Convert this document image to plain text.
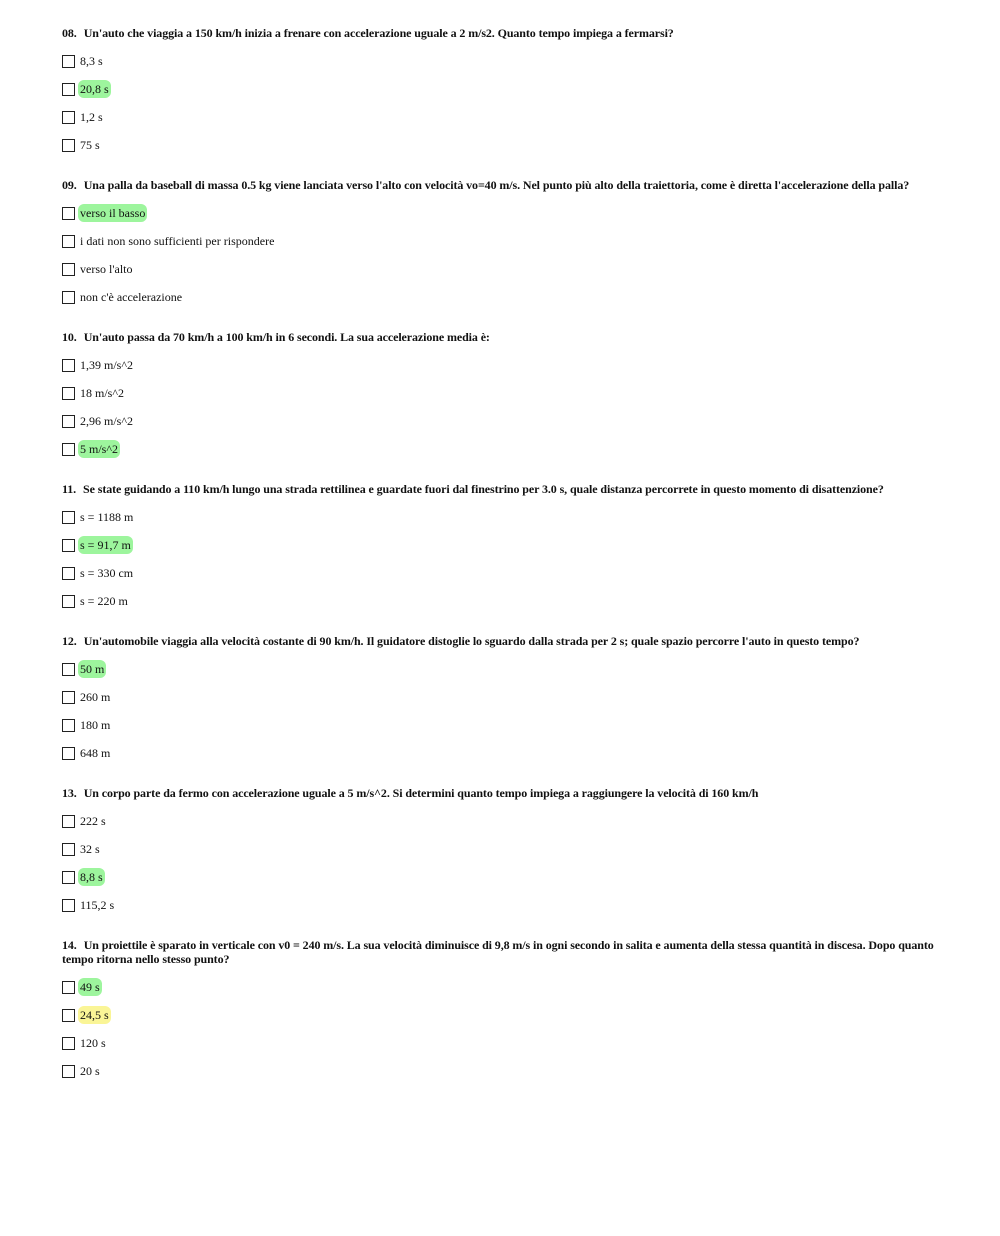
08. Un'auto che viaggia a 150 km/h inizia a frenare con accelerazione uguale a 2 m/s2. Quanto tempo impiega a fermarsi?

8,3 s
20,8 s
1,2 s
75 s

09. Una palla da baseball di massa 0.5 kg viene lanciata verso l'alto con velocità vo=40 m/s. Nel punto più alto della traiettoria, come è diretta l'accelerazione della palla?

verso il basso
i dati non sono sufficienti per rispondere
verso l'alto
non c'è accelerazione

10. Un'auto passa da 70 km/h a 100 km/h in 6 secondi. La sua accelerazione media è:

1,39 m/s^2
18 m/s^2
2,96 m/s^2
5 m/s^2

11. Se state guidando a 110 km/h lungo una strada rettilinea e guardate fuori dal finestrino per 3.0 s, quale distanza percorrete in questo momento di disattenzione?

s = 1188 m
s = 91,7 m
s = 330 cm
s = 220 m

12. Un'automobile viaggia alla velocità costante di 90 km/h. Il guidatore distoglie lo sguardo dalla strada per 2 s; quale spazio percorre l'auto in questo tempo?

50 m
260 m
180 m
648 m

13. Un corpo parte da fermo con accelerazione uguale a 5 m/s^2. Si determini quanto tempo impiega a raggiungere la velocità di 160 km/h

222 s
32 s
8,8 s
115,2 s

14. Un proiettile è sparato in verticale con v0 = 240 m/s. La sua velocità diminuisce di 9,8 m/s in ogni secondo in salita e aumenta della stessa quantità in discesa. Dopo quanto tempo ritorna nello stesso punto?

49 s
24,5 s
120 s
20 s
